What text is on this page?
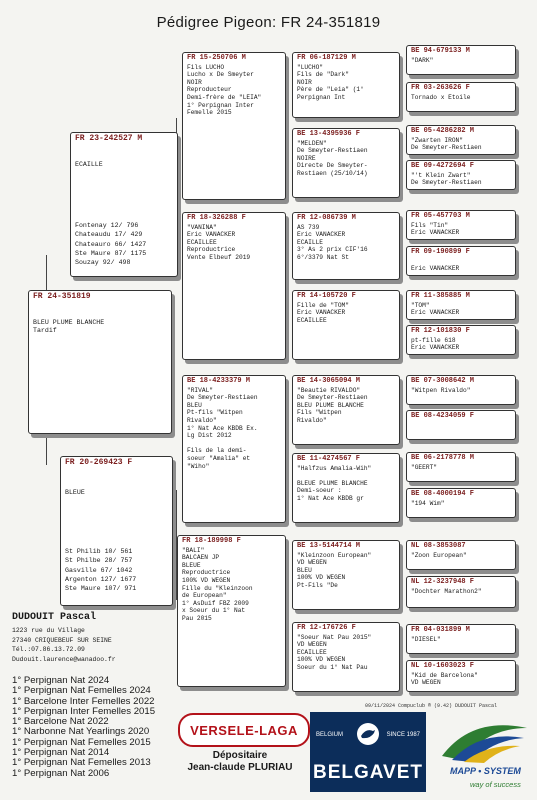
Pédigree Pigeon: FR 24-351819
FR 24-351819
BLEU PLUME BLANCHE
Tardif
FR 23-242527 M
ECAILLE
Fontenay 12/ 796
Chateaudu 17/ 429
Chateauro 66/ 1427
Ste Maure 87/ 1175
Souzay 92/ 498
FR 20-269423 F
BLEUE
St Philib 10/ 561
St Philbe 28/ 757
Gasville 67/ 1042
Argenton 127/ 1677
Ste Maure 107/ 971
FR 15-250706 M
Fils LUCHO
Lucho x De Smeyter
NOIR
Reproducteur
Demi-frère de "LEIA"
1° Perpignan Inter
Femelle 2015
FR 18-326288 F
"VANINA"
Eric VANACKER
ECAILLEE
Reproductrice
Vente Elbeuf 2019
BE 18-4233379 M
"RIVAL"
De Smeyter-Restiaen
BLEU
Pt-fils "Witpen
Rivaldo"
1° Nat Ace KBDB Ex.
Lg Dist 2012

Fils de la demi-
soeur "Amalia" et
"Wiho"
FR 18-189998 F
"BALI"
BALCAEN JP
BLEUE
Reproductrice
100% VD WEGEN
Fille du "Kleinzoon
de European"
1° AsDuif FBZ 2009
x Soeur du 1° Nat
Pau 2015
FR 06-187129 M
"LUCHO"
Fils de "Dark"
NOIR
Père de "Leia" (1°
Perpignan Int
BE 13-4395936 F
"MELDEN"
De Smeyter-Restiaen
NOIRE
Directe De Smeyter-
Restiaen (25/10/14)
FR 12-086739 M
AS 739
Eric VANACKER
ECAILLE
3° As 2 prix CIF'16
6°/3379 Nat St
FR 14-105720 F
Fille de "TOM"
Eric VANACKER
ECAILLEE
BE 14-3065094 M
"Beautie RIVALDO"
De Smeyter-Restiaen
BLEU PLUME BLANCHE
Fils "Witpen
Rivaldo"
BE 11-4274567 F
"Halfzus Amalia-Wih"

BLEUE PLUME BLANCHE
Demi-soeur :
1° Nat Ace KBDB gr
BE 13-5144714 M
"Kleinzoon European"
VD WEGEN
BLEU
100% VD WEGEN
Pt-Fils "De
FR 12-176726 F
"Soeur Nat Pau 2015"
VD WEGEN
ECAILLEE
100% VD WEGEN
Soeur du 1° Nat Pau
BE 94-679133 M
"DARK"
FR 03-263626 F
Tornado x Etoile
BE 05-4286282 M
"Zwarten IRON"
De Smeyter-Restiaen
BE 09-4272694 F
"'t Klein Zwart"
De Smeyter-Restiaen
FR 05-457703 M
Fils "Tin"
Eric VANACKER
FR 09-190899 F

Eric VANACKER
FR 11-385885 M
"TOM"
Eric VANACKER
FR 12-101830 F
pt-fille 618
Eric VANACKER
BE 07-3008642 M
"Witpen Rivaldo"
BE 08-4234059 F

BE 06-2178778 M
"GEERT"
BE 08-4000194 F
"194 Wim"
NL 08-3853087
"Zoon European"
NL 12-3237948 F
"Dochter Marathon2"
FR 04-031899 M
"DIESEL"
NL 10-1603023 F
"Kid de Barcelona"
VD WEGEN
DUDOUIT Pascal
1223 rue du Village
27340 CRIQUEBEUF SUR SEINE
Tél.:07.86.13.72.09
Dudouit.laurence@wanadoo.fr
1° Perpignan Nat 2024
1° Perpignan Nat Femelles 2024
1° Barcelone Inter Femelles 2022
1° Perpignan Inter Femelles 2015
1° Barcelone Nat 2022
1° Narbonne Nat Yearlings 2020
1° Perpignan Nat Femelles 2015
1° Perpignan Nat 2014
1° Perpignan Nat Femelles 2013
1° Perpignan Nat 2006
09/11/2024 Compuclub ® (9.42) DUDOUIT Pascal
VERSELE-LAGA
Dépositaire
Jean-claude PLURIAU
BELGIUM	SINCE 1987
BELGAVET	MAPP • SYSTEM
way of success
